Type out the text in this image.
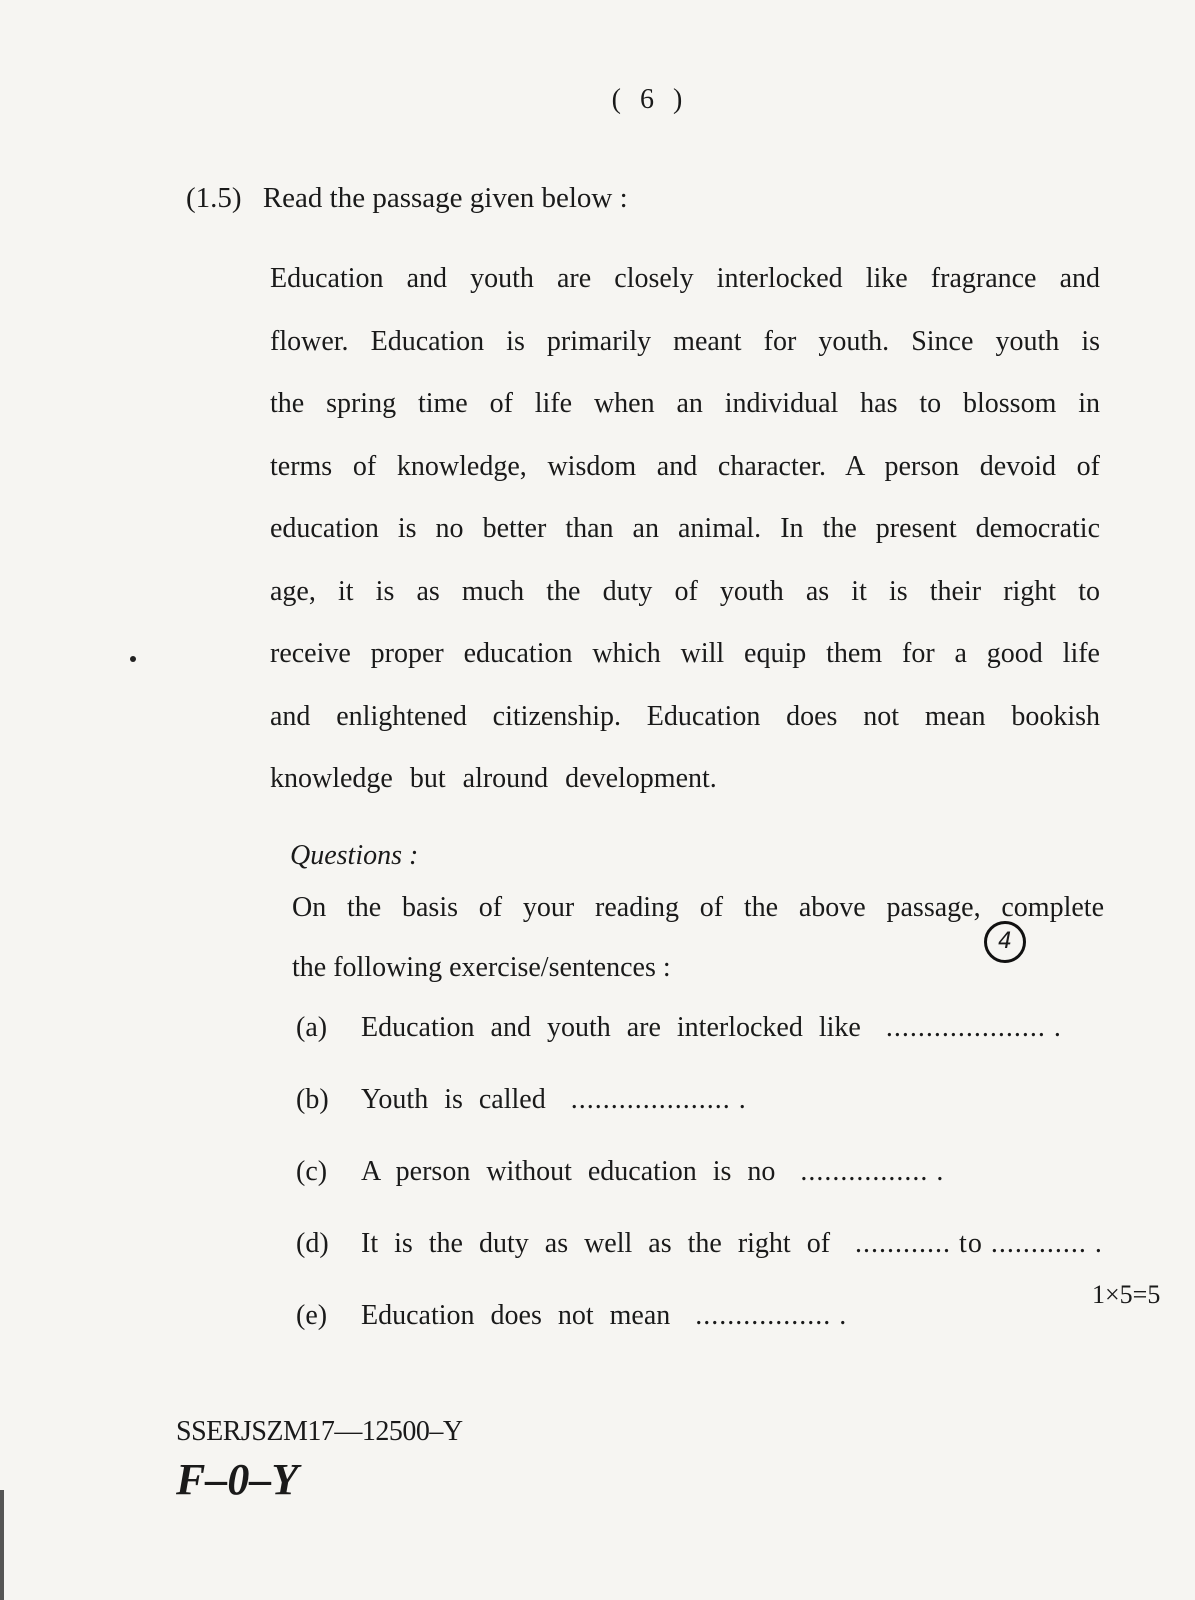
( 6 )
(1.5) Read the passage given below :
Education and youth are closely interlocked like fragrance and
flower. Education is primarily meant for youth. Since youth is
the spring time of life when an individual has to blossom in
terms of knowledge, wisdom and character. A person devoid of
education is no better than an animal. In the present democratic
age, it is as much the duty of youth as it is their right to
receive proper education which will equip them for a good life
and enlightened citizenship. Education does not mean bookish
knowledge but alround development.
Questions :
On the basis of your reading of the above passage, complete
the following exercise/sentences :
4
(a) Education and youth are interlocked like .................... .
(b) Youth is called .................... .
(c) A person without education is no ................ .
(d) It is the duty as well as the right of ............ to ............ .
(e) Education does not mean ................. .
1×5=5
SSERJSZM17—12500–Y
F–0–Y
